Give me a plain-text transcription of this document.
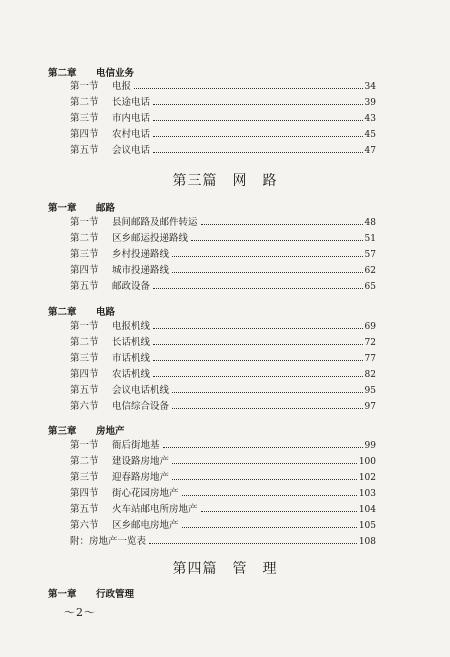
第二章 电信业务
第一节	电报	34
第二节	长途电话	39
第三节	市内电话	43
第四节	农村电话	45
第五节	会议电话	47
第三篇　网　路
第一章 邮路
第一节	县间邮路及邮件转运	48
第二节	区乡邮运投递路线	51
第三节	乡村投递路线	57
第四节	城市投递路线	62
第五节	邮政设备	65
第二章 电路
第一节	电报机线	69
第二节	长话机线	72
第三节	市话机线	77
第四节	农话机线	82
第五节	会议电话机线	95
第六节	电信综合设备	97
第三章 房地产
第一节	衙后街地基	99
第二节	建设路房地产	100
第三节	迎春路房地产	102
第四节	街心花园房地产	103
第五节	火车站邮电所房地产	104
第六节	区乡邮电房地产	105
附：房地产一览表	108
第四篇　管　理
第一章 行政管理
～2～
